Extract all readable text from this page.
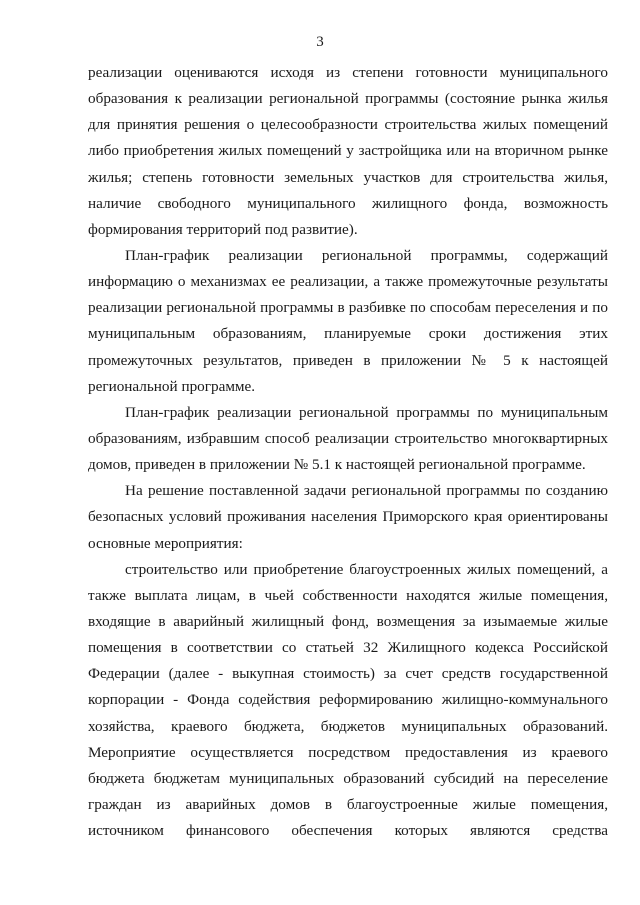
3
реализации оцениваются исходя из степени готовности муниципального
образования к реализации региональной программы (состояние рынка жилья
для принятия решения о целесообразности строительства жилых помещений
либо приобретения жилых помещений у застройщика или на вторичном рынке
жилья; степень готовности земельных участков для строительства жилья,
наличие свободного муниципального жилищного фонда, возможность
формирования территорий под развитие).
План-график реализации региональной программы, содержащий
информацию о механизмах ее реализации, а также промежуточные результаты
реализации региональной программы в разбивке по способам переселения и по
муниципальным образованиям, планируемые сроки достижения этих
промежуточных результатов, приведен в приложении № 5 к настоящей
региональной программе.
План-график реализации региональной программы по муниципальным
образованиям, избравшим способ реализации строительство многоквартирных
домов, приведен в приложении № 5.1 к настоящей региональной программе.
На решение поставленной задачи региональной программы по созданию
безопасных условий проживания населения Приморского края ориентированы
основные мероприятия:
строительство или приобретение благоустроенных жилых помещений, а
также выплата лицам, в чьей собственности находятся жилые помещения,
входящие в аварийный жилищный фонд, возмещения за изымаемые жилые
помещения в соответствии со статьей 32 Жилищного кодекса Российской
Федерации (далее - выкупная стоимость) за счет средств государственной
корпорации - Фонда содействия реформированию жилищно-коммунального
хозяйства, краевого бюджета, бюджетов муниципальных образований.
Мероприятие осуществляется посредством предоставления из краевого
бюджета бюджетам муниципальных образований субсидий на переселение
граждан из аварийных домов в благоустроенные жилые помещения,
источником финансового обеспечения которых являются средства
